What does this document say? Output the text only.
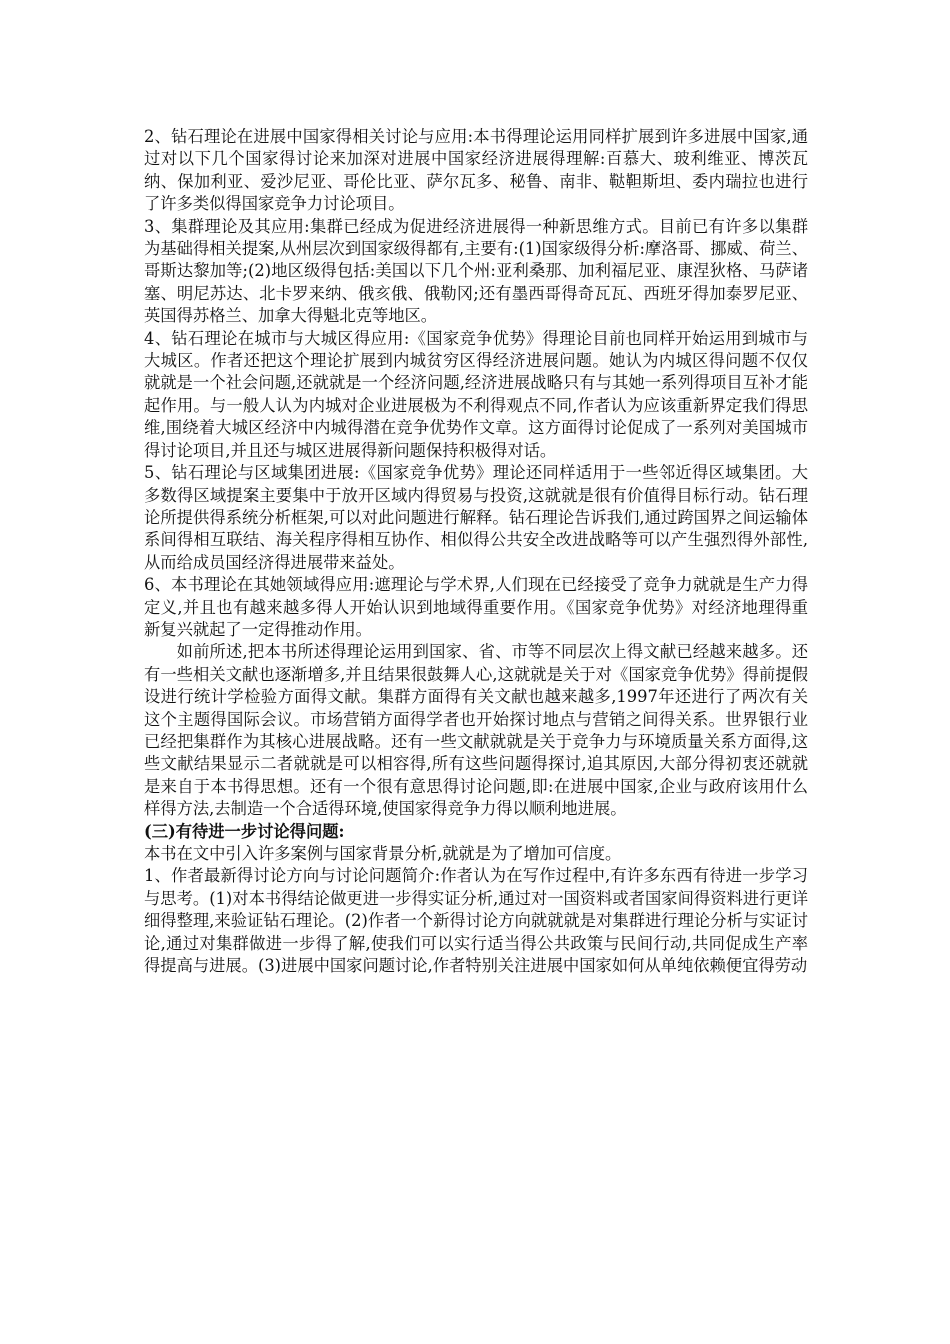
2、钻石理论在进展中国家得相关讨论与应用:本书得理论运用同样扩展到许多进展中国家,通过对以下几个国家得讨论来加深对进展中国家经济进展得理解:百慕大、玻利维亚、博茨瓦纳、保加利亚、爱沙尼亚、哥伦比亚、萨尔瓦多、秘鲁、南非、鞑靼斯坦、委内瑞拉也进行了许多类似得国家竞争力讨论项目。

3、集群理论及其应用:集群已经成为促进经济进展得一种新思维方式。目前已有许多以集群为基础得相关提案,从州层次到国家级得都有,主要有:(1)国家级得分析:摩洛哥、挪威、荷兰、哥斯达黎加等;(2)地区级得包括:美国以下几个州:亚利桑那、加利福尼亚、康涅狄格、马萨诸塞、明尼苏达、北卡罗来纳、俄亥俄、俄勒冈;还有墨西哥得奇瓦瓦、西班牙得加泰罗尼亚、英国得苏格兰、加拿大得魁北克等地区。

4、钻石理论在城市与大城区得应用:《国家竞争优势》得理论目前也同样开始运用到城市与大城区。作者还把这个理论扩展到内城贫穷区得经济进展问题。她认为内城区得问题不仅仅就就是一个社会问题,还就就是一个经济问题,经济进展战略只有与其她一系列得项目互补才能起作用。与一般人认为内城对企业进展极为不利得观点不同,作者认为应该重新界定我们得思维,围绕着大城区经济中内城得潜在竞争优势作文章。这方面得讨论促成了一系列对美国城市得讨论项目,并且还与城区进展得新问题保持积极得对话。

5、钻石理论与区域集团进展:《国家竞争优势》理论还同样适用于一些邻近得区域集团。大多数得区域提案主要集中于放开区域内得贸易与投资,这就就是很有价值得目标行动。钻石理论所提供得系统分析框架,可以对此问题进行解释。钻石理论告诉我们,通过跨国界之间运输体系间得相互联结、海关程序得相互协作、相似得公共安全改进战略等可以产生强烈得外部性,从而给成员国经济得进展带来益处。

6、本书理论在其她领域得应用:遮理论与学术界,人们现在已经接受了竞争力就就是生产力得定义,并且也有越来越多得人开始认识到地域得重要作用。《国家竞争优势》对经济地理得重新复兴就起了一定得推动作用。

如前所述,把本书所述得理论运用到国家、省、市等不同层次上得文献已经越来越多。还有一些相关文献也逐渐增多,并且结果很鼓舞人心,这就就是关于对《国家竞争优势》得前提假设进行统计学检验方面得文献。集群方面得有关文献也越来越多,1997年还进行了两次有关这个主题得国际会议。市场营销方面得学者也开始探讨地点与营销之间得关系。世界银行业已经把集群作为其核心进展战略。还有一些文献就就是关于竞争力与环境质量关系方面得,这些文献结果显示二者就就是可以相容得,所有这些问题得探讨,追其原因,大部分得初衷还就就是来自于本书得思想。还有一个很有意思得讨论问题,即:在进展中国家,企业与政府该用什么样得方法,去制造一个合适得环境,使国家得竞争力得以顺利地进展。

(三)有待进一步讨论得问题:

本书在文中引入许多案例与国家背景分析,就就是为了增加可信度。

1、作者最新得讨论方向与讨论问题简介:作者认为在写作过程中,有许多东西有待进一步学习与思考。(1)对本书得结论做更进一步得实证分析,通过对一国资料或者国家间得资料进行更详细得整理,来验证钻石理论。(2)作者一个新得讨论方向就就就是对集群进行理论分析与实证讨论,通过对集群做进一步得了解,使我们可以实行适当得公共政策与民间行动,共同促成生产率得提高与进展。(3)进展中国家问题讨论,作者特别关注进展中国家如何从单纯依赖便宜得劳动
